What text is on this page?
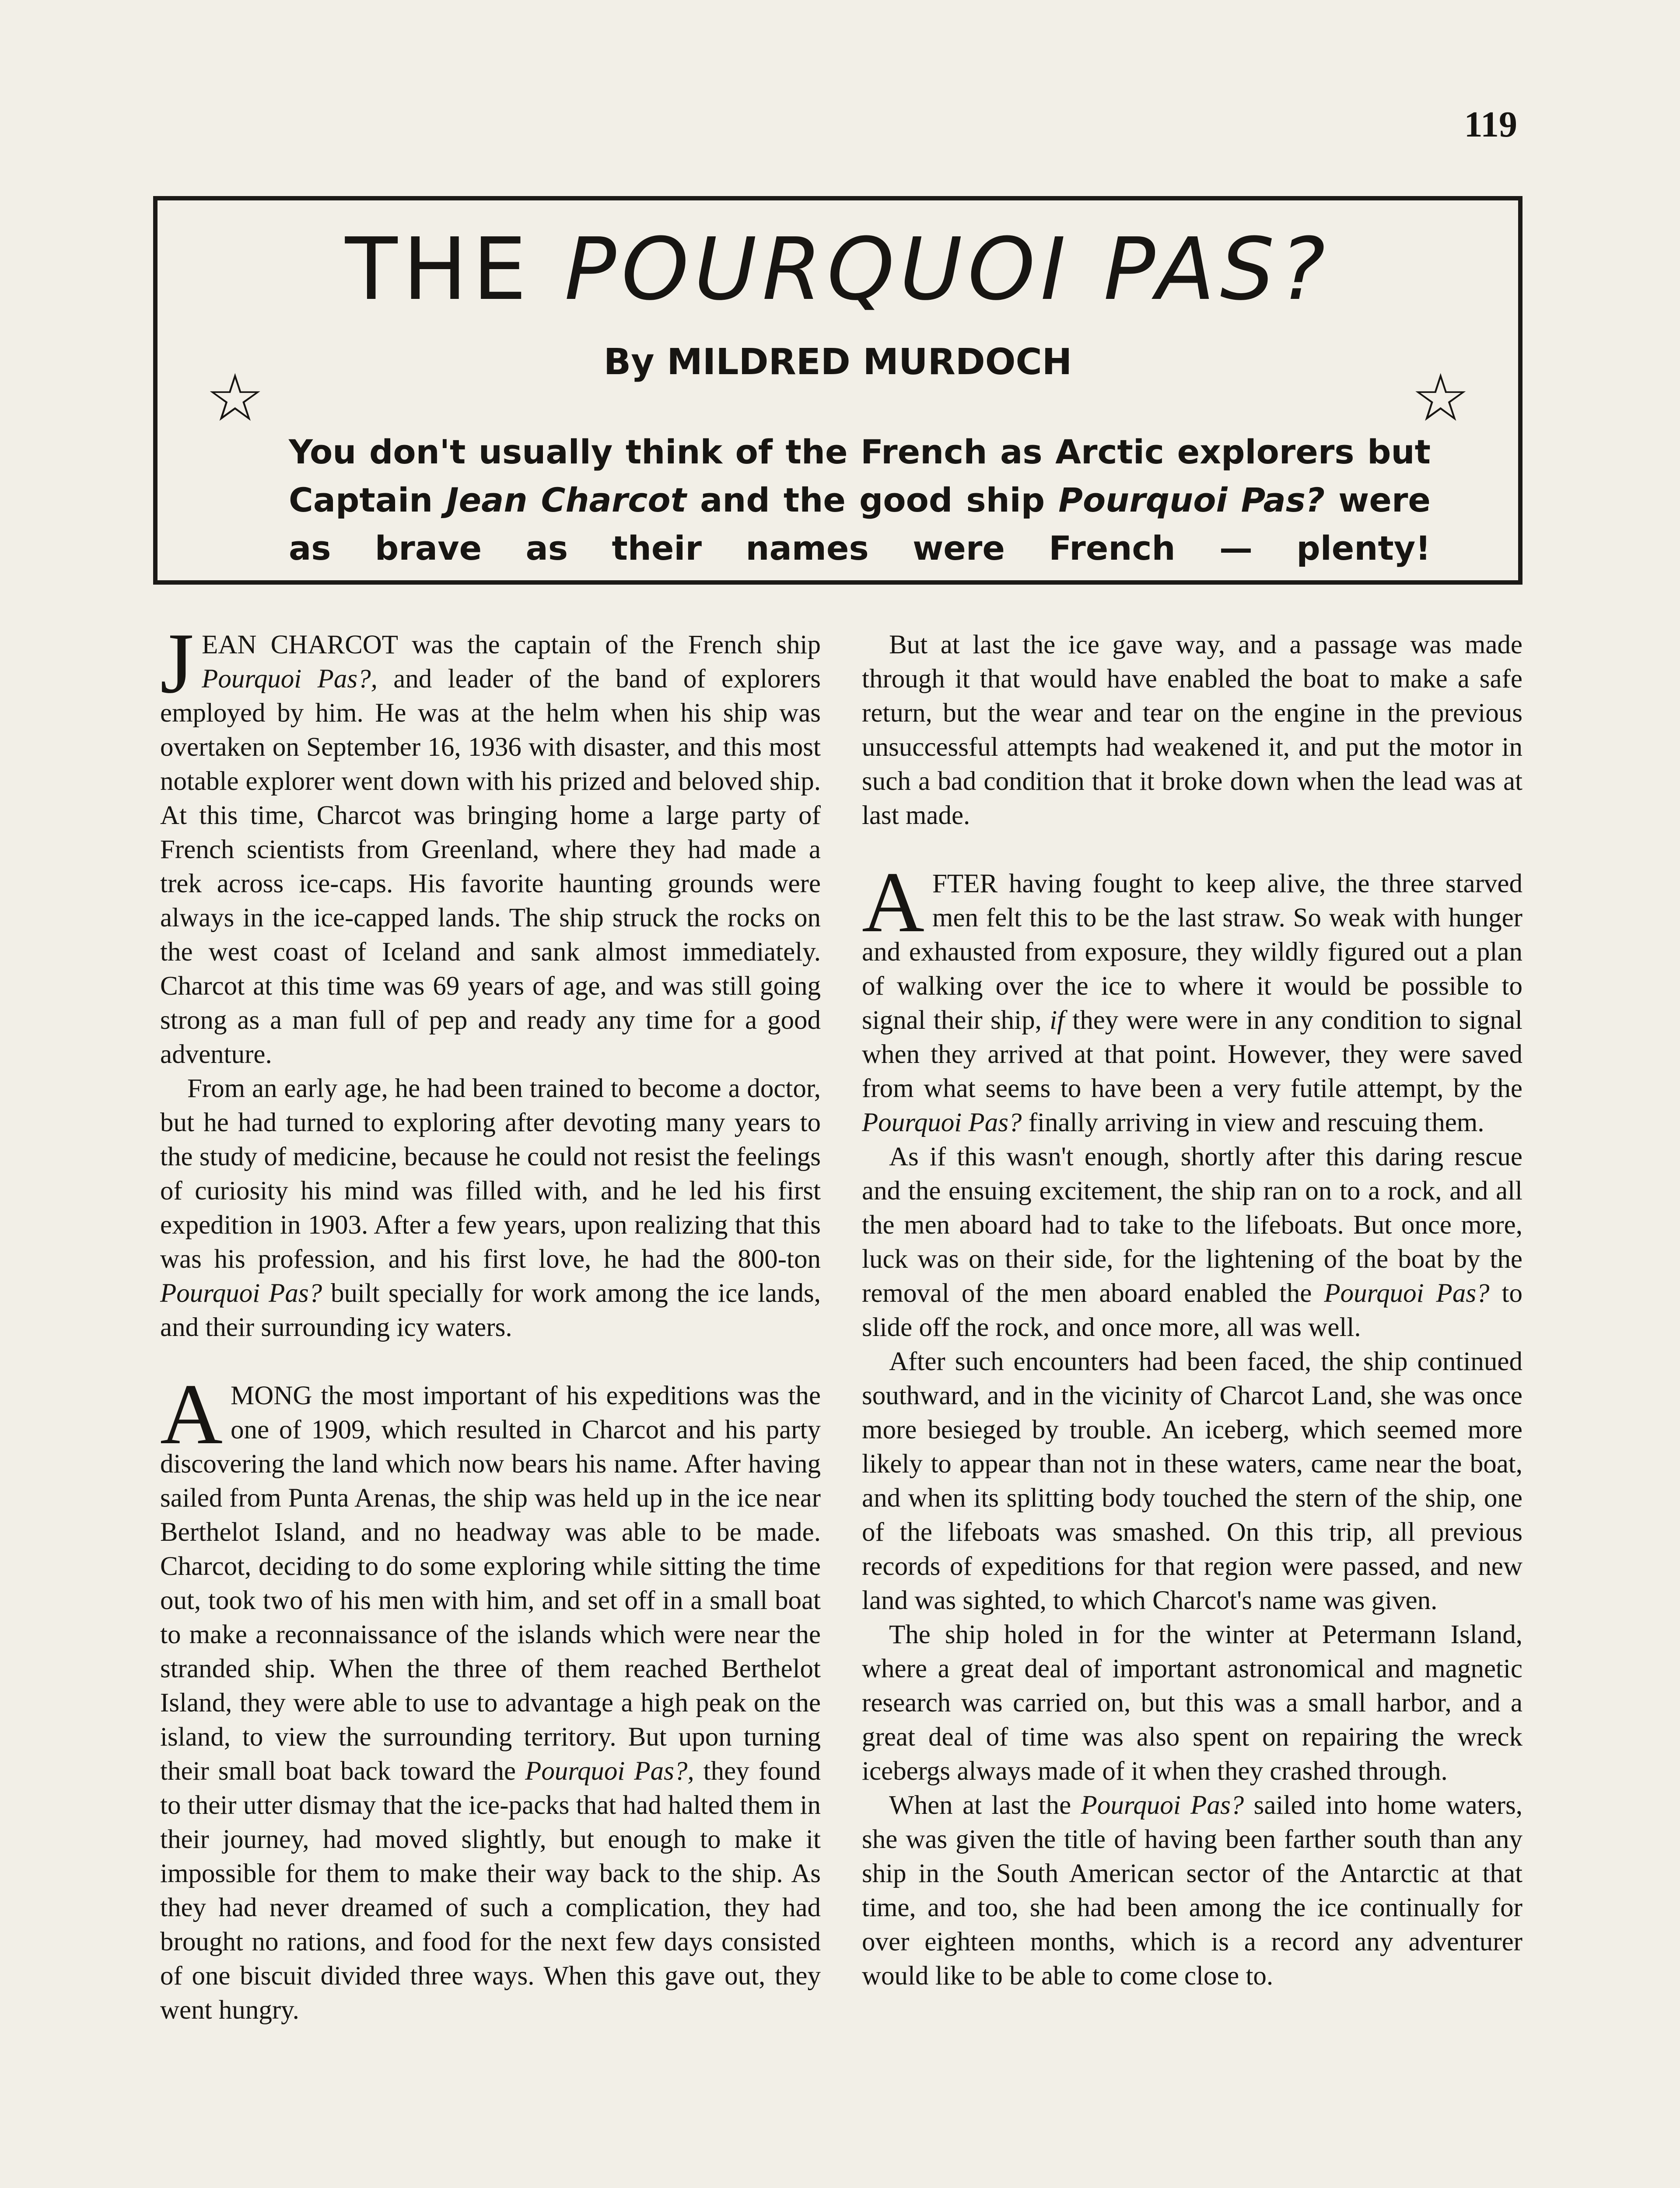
119
THE POURQUOI PAS?
By MILDRED MURDOCH
☆	☆
You don't usually think of the French as Arctic explorers but Captain Jean Charcot and the good ship Pourquoi Pas? were as brave as their names were French — plenty!

JEAN CHARCOT was the captain of the French ship Pourquoi Pas?, and leader of the band of explorers employed by him. He was at the helm when his ship was overtaken on September 16, 1936 with disaster, and this most notable explorer went down with his prized and beloved ship. At this time, Charcot was bringing home a large party of French scientists from Greenland, where they had made a trek across ice-caps. His favorite haunting grounds were always in the ice-capped lands. The ship struck the rocks on the west coast of Iceland and sank almost immediately. Charcot at this time was 69 years of age, and was still going strong as a man full of pep and ready any time for a good adventure.

From an early age, he had been trained to become a doctor, but he had turned to exploring after devoting many years to the study of medicine, because he could not resist the feelings of curiosity his mind was filled with, and he led his first expedition in 1903. After a few years, upon realizing that this was his profession, and his first love, he had the 800-ton Pourquoi Pas? built specially for work among the ice lands, and their surrounding icy waters.

AMONG the most important of his expeditions was the one of 1909, which resulted in Charcot and his party discovering the land which now bears his name. After having sailed from Punta Arenas, the ship was held up in the ice near Berthelot Island, and no headway was able to be made. Charcot, deciding to do some exploring while sitting the time out, took two of his men with him, and set off in a small boat to make a reconnaissance of the islands which were near the stranded ship. When the three of them reached Berthelot Island, they were able to use to advantage a high peak on the island, to view the surrounding territory. But upon turning their small boat back toward the Pourquoi Pas?, they found to their utter dismay that the ice-packs that had halted them in their journey, had moved slightly, but enough to make it impossible for them to make their way back to the ship. As they had never dreamed of such a complication, they had brought no rations, and food for the next few days consisted of one biscuit divided three ways. When this gave out, they went hungry.

But at last the ice gave way, and a passage was made through it that would have enabled the boat to make a safe return, but the wear and tear on the engine in the previous unsuccessful attempts had weakened it, and put the motor in such a bad condition that it broke down when the lead was at last made.

AFTER having fought to keep alive, the three starved men felt this to be the last straw. So weak with hunger and exhausted from exposure, they wildly figured out a plan of walking over the ice to where it would be possible to signal their ship, if they were were in any condition to signal when they arrived at that point. However, they were saved from what seems to have been a very futile attempt, by the Pourquoi Pas? finally arriving in view and rescuing them.

As if this wasn't enough, shortly after this daring rescue and the ensuing excitement, the ship ran on to a rock, and all the men aboard had to take to the lifeboats. But once more, luck was on their side, for the lightening of the boat by the removal of the men aboard enabled the Pourquoi Pas? to slide off the rock, and once more, all was well.

After such encounters had been faced, the ship continued southward, and in the vicinity of Charcot Land, she was once more besieged by trouble. An iceberg, which seemed more likely to appear than not in these waters, came near the boat, and when its splitting body touched the stern of the ship, one of the lifeboats was smashed. On this trip, all previous records of expeditions for that region were passed, and new land was sighted, to which Charcot's name was given.

The ship holed in for the winter at Petermann Island, where a great deal of important astronomical and magnetic research was carried on, but this was a small harbor, and a great deal of time was also spent on repairing the wreck icebergs always made of it when they crashed through.

When at last the Pourquoi Pas? sailed into home waters, she was given the title of having been farther south than any ship in the South American sector of the Antarctic at that time, and too, she had been among the ice continually for over eighteen months, which is a record any adventurer would like to be able to come close to.
